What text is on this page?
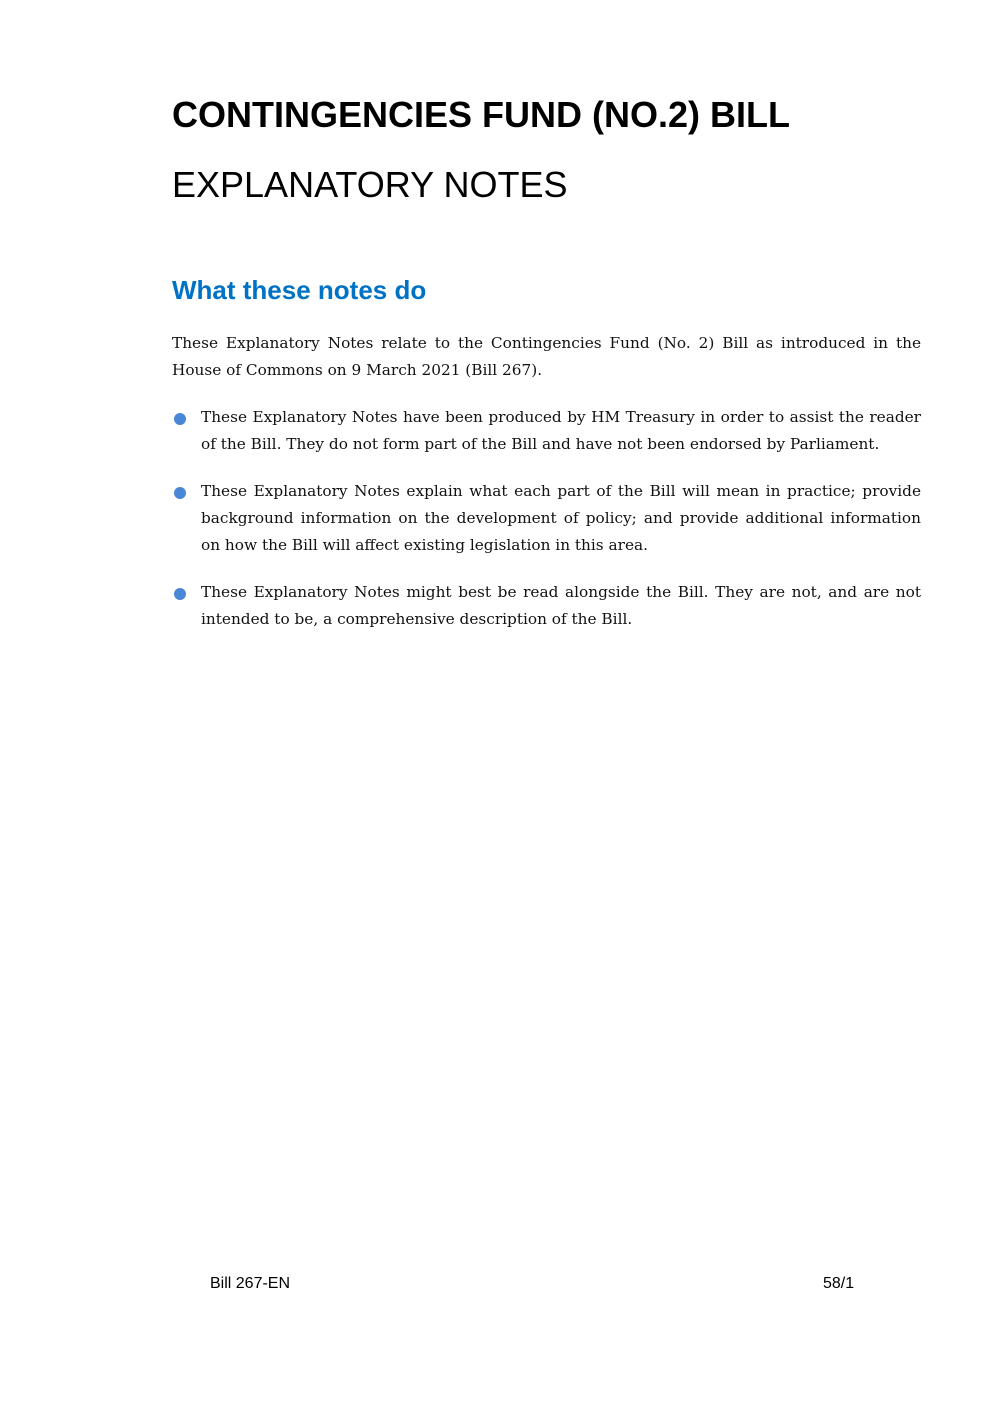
CONTINGENCIES FUND (NO.2) BILL
EXPLANATORY NOTES
What these notes do
These Explanatory Notes relate to the Contingencies Fund (No. 2) Bill as introduced in the House of Commons on 9 March 2021 (Bill 267).
These Explanatory Notes have been produced by HM Treasury in order to assist the reader of the Bill. They do not form part of the Bill and have not been endorsed by Parliament.
These Explanatory Notes explain what each part of the Bill will mean in practice; provide background information on the development of policy; and provide additional information on how the Bill will affect existing legislation in this area.
These Explanatory Notes might best be read alongside the Bill. They are not, and are not intended to be, a comprehensive description of the Bill.
Bill 267-EN	58/1
